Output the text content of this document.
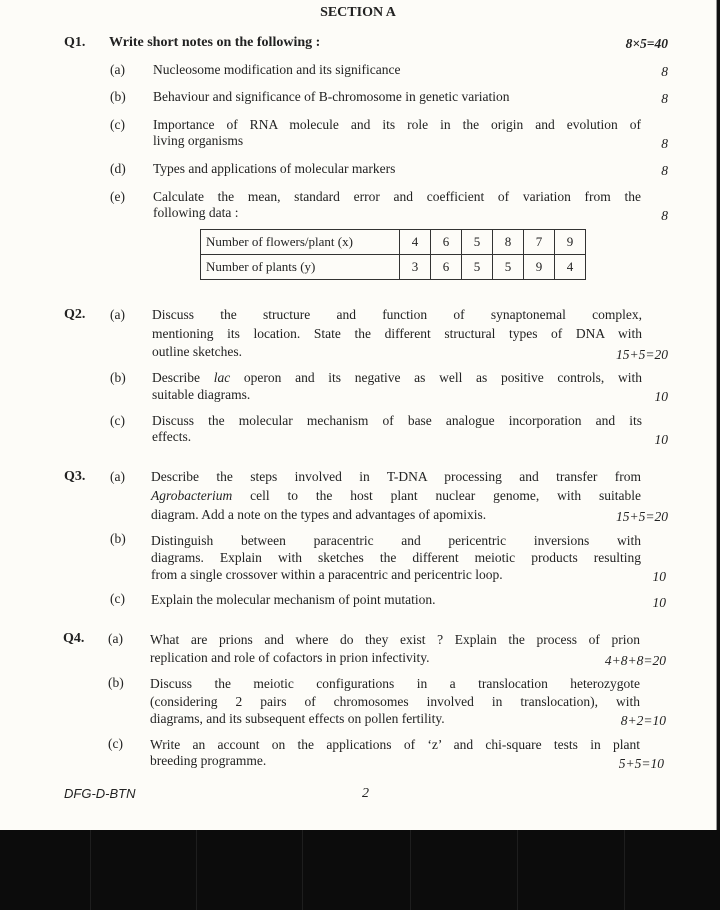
SECTION A
Q1. Write short notes on the following :	8×5=40
(a) Nucleosome modification and its significance	8
(b) Behaviour and significance of B-chromosome in genetic variation	8
(c) Importance of RNA molecule and its role in the origin and evolution of
living organisms	8
(d) Types and applications of molecular markers	8
(e) Calculate the mean, standard error and coefficient of variation from the
following data :	8
Number of flowers/plant (x)	4	6	5	8	7	9
Number of plants (y)	3	6	5	5	9	4
Q2. (a) Discuss the structure and function of synaptonemal complex,
mentioning its location. State the different structural types of DNA with
outline sketches.	15+5=20
(b) Describe lac operon and its negative as well as positive controls, with
suitable diagrams.	10
(c) Discuss the molecular mechanism of base analogue incorporation and its
effects.	10
Q3. (a) Describe the steps involved in T-DNA processing and transfer from
Agrobacterium cell to the host plant nuclear genome, with suitable
diagram. Add a note on the types and advantages of apomixis.	15+5=20
(b) Distinguish between paracentric and pericentric inversions with
diagrams. Explain with sketches the different meiotic products resulting
from a single crossover within a paracentric and pericentric loop.	10
(c) Explain the molecular mechanism of point mutation.	10
Q4. (a) What are prions and where do they exist ? Explain the process of prion
replication and role of cofactors in prion infectivity.	4+8+8=20
(b) Discuss the meiotic configurations in a translocation heterozygote
(considering 2 pairs of chromosomes involved in translocation), with
diagrams, and its subsequent effects on pollen fertility.	8+2=10
(c) Write an account on the applications of ‘z’ and chi-square tests in plant
breeding programme.	5+5=10
DFG-D-BTN	2
